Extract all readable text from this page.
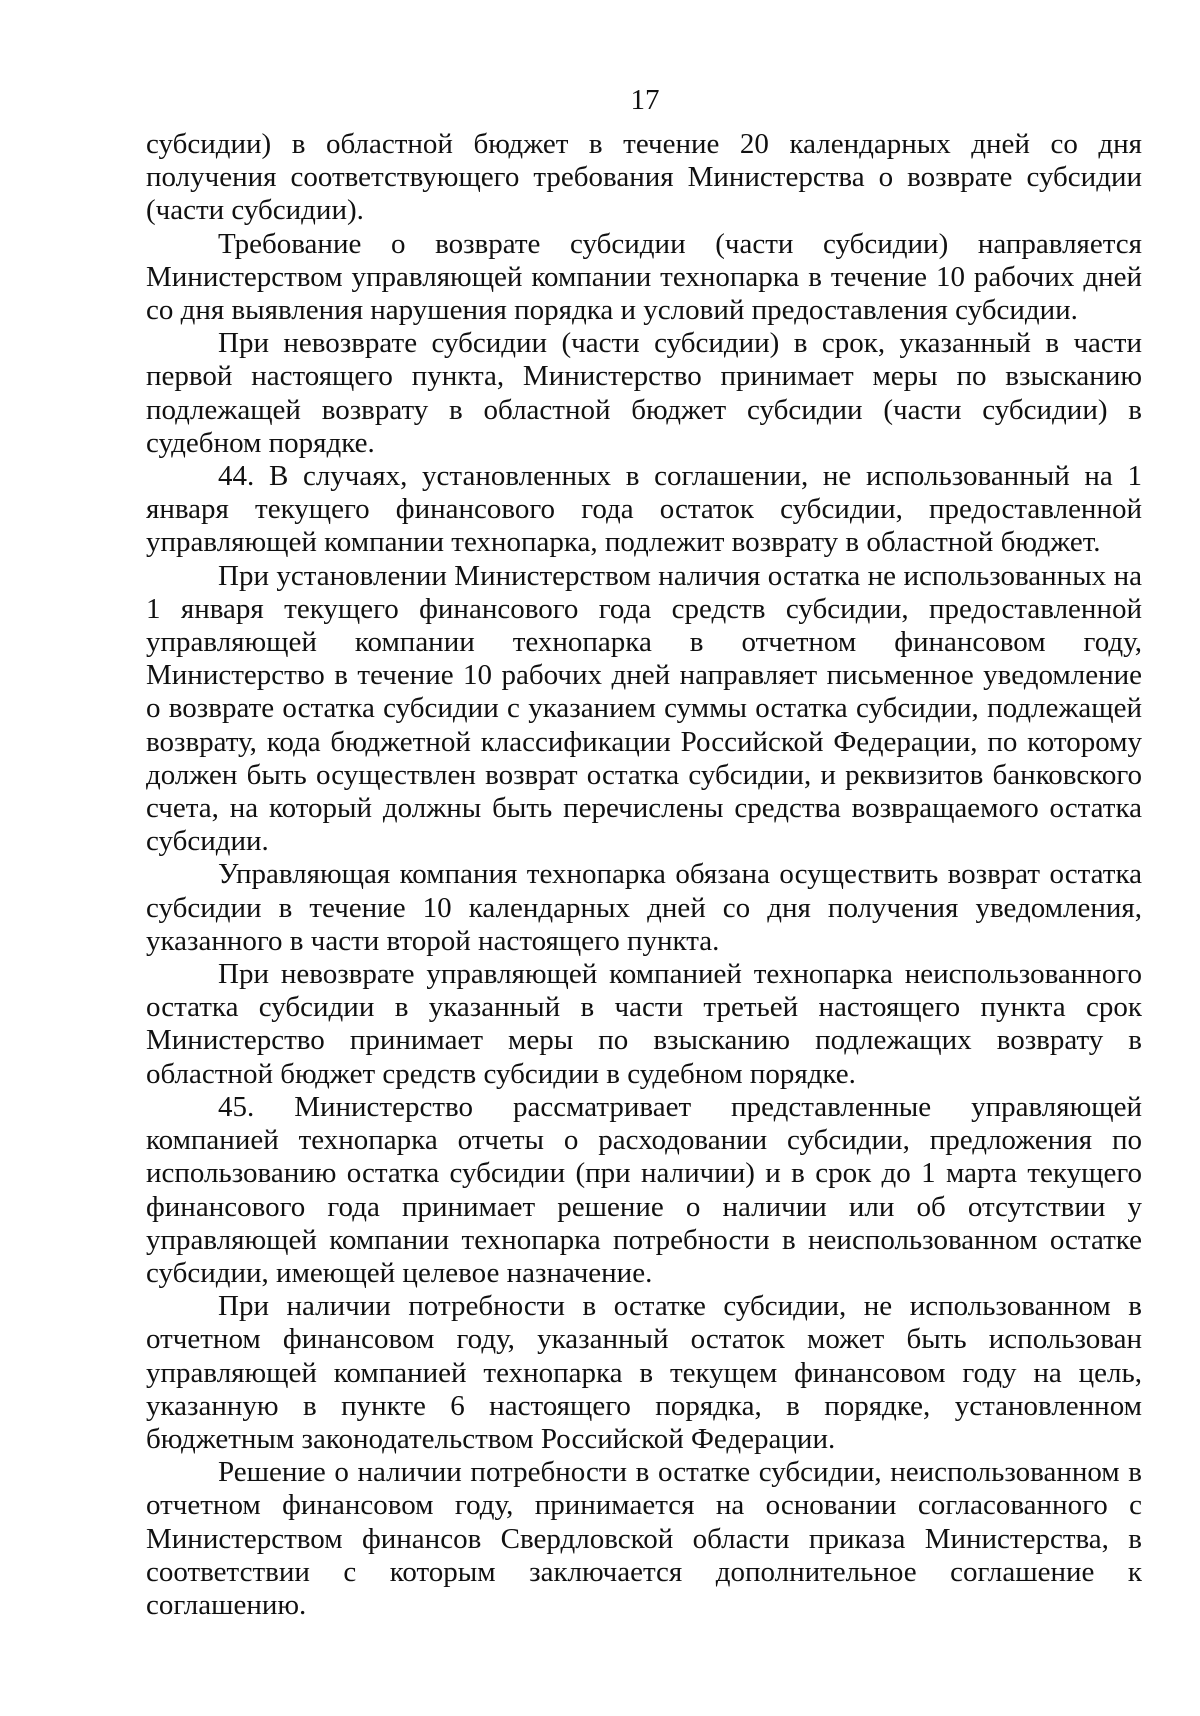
17

субсидии) в областной бюджет в течение 20 календарных дней со дня получения соответствующего требования Министерства о возврате субсидии (части субсидии).

Требование о возврате субсидии (части субсидии) направляется Министерством управляющей компании технопарка в течение 10 рабочих дней со дня выявления нарушения порядка и условий предоставления субсидии.

При невозврате субсидии (части субсидии) в срок, указанный в части первой настоящего пункта, Министерство принимает меры по взысканию подлежащей возврату в областной бюджет субсидии (части субсидии) в судебном порядке.

44. В случаях, установленных в соглашении, не использованный на 1 января текущего финансового года остаток субсидии, предоставленной управляющей компании технопарка, подлежит возврату в областной бюджет.

При установлении Министерством наличия остатка не использованных на 1 января текущего финансового года средств субсидии, предоставленной управляющей компании технопарка в отчетном финансовом году, Министерство в течение 10 рабочих дней направляет письменное уведомление о возврате остатка субсидии с указанием суммы остатка субсидии, подлежащей возврату, кода бюджетной классификации Российской Федерации, по которому должен быть осуществлен возврат остатка субсидии, и реквизитов банковского счета, на который должны быть перечислены средства возвращаемого остатка субсидии.

Управляющая компания технопарка обязана осуществить возврат остатка субсидии в течение 10 календарных дней со дня получения уведомления, указанного в части второй настоящего пункта.

При невозврате управляющей компанией технопарка неиспользованного остатка субсидии в указанный в части третьей настоящего пункта срок Министерство принимает меры по взысканию подлежащих возврату в областной бюджет средств субсидии в судебном порядке.

45. Министерство рассматривает представленные управляющей компанией технопарка отчеты о расходовании субсидии, предложения по использованию остатка субсидии (при наличии) и в срок до 1 марта текущего финансового года принимает решение о наличии или об отсутствии у управляющей компании технопарка потребности в неиспользованном остатке субсидии, имеющей целевое назначение.

При наличии потребности в остатке субсидии, не использованном в отчетном финансовом году, указанный остаток может быть использован управляющей компанией технопарка в текущем финансовом году на цель, указанную в пункте 6 настоящего порядка, в порядке, установленном бюджетным законодательством Российской Федерации.

Решение о наличии потребности в остатке субсидии, неиспользованном в отчетном финансовом году, принимается на основании согласованного с Министерством финансов Свердловской области приказа Министерства, в соответствии с которым заключается дополнительное соглашение к соглашению.
